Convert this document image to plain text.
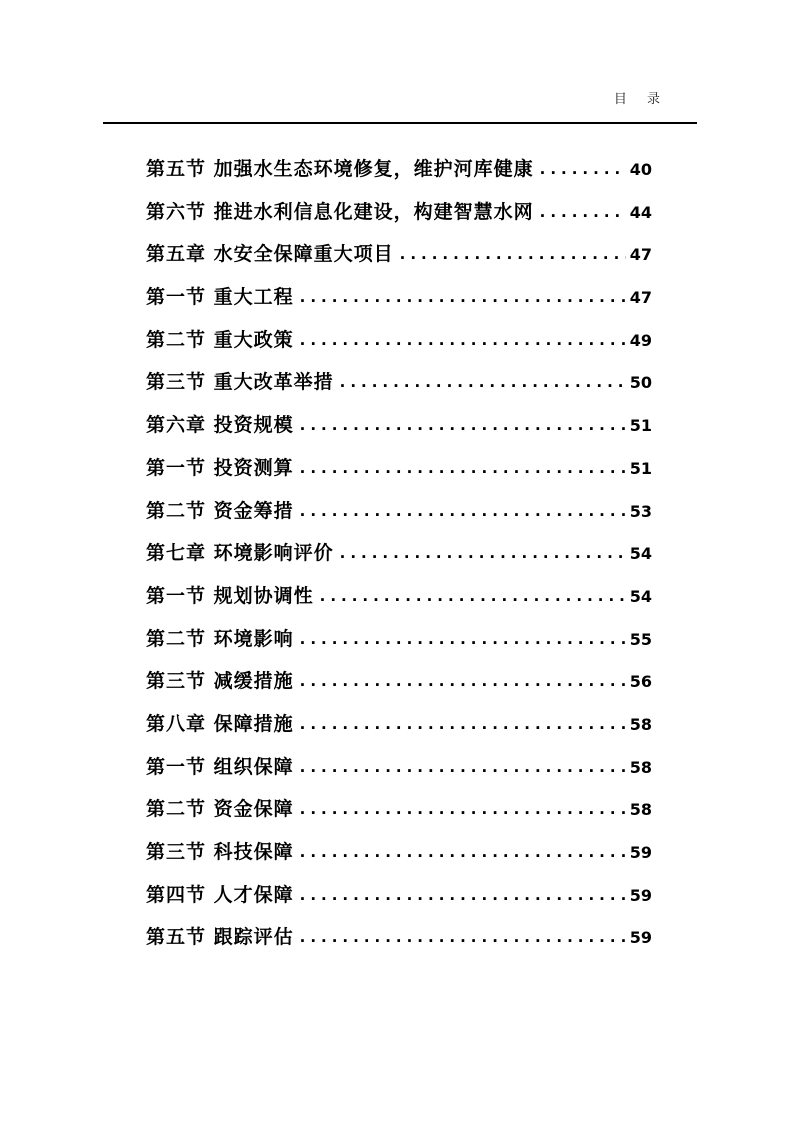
目 录
第五节 加强水生态环境修复，维护河库健康 .....	40
第六节 推进水利信息化建设，构建智慧水网 .....	44
第五章 水安全保障重大项目 .....	47
第一节 重大工程 .....	47
第二节 重大政策 .....	49
第三节 重大改革举措 .....	50
第六章 投资规模 .....	51
第一节 投资测算 .....	51
第二节 资金筹措 .....	53
第七章 环境影响评价 .....	54
第一节 规划协调性 .....	54
第二节 环境影响 .....	55
第三节 减缓措施 .....	56
第八章 保障措施 .....	58
第一节 组织保障 .....	58
第二节 资金保障 .....	58
第三节 科技保障 .....	59
第四节 人才保障 .....	59
第五节 跟踪评估 .....	59
